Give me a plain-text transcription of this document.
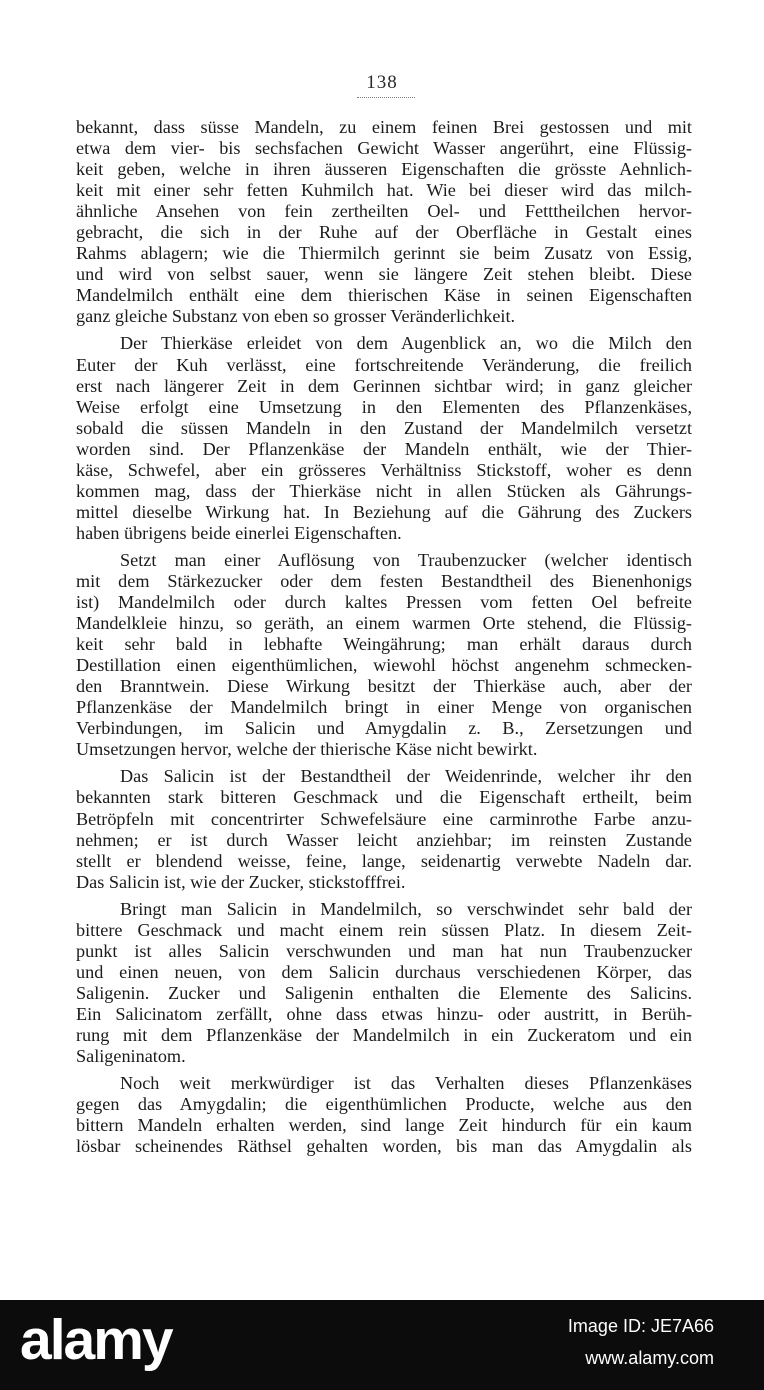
138
bekannt, dass süsse Mandeln, zu einem feinen Brei gestossen und mit
etwa dem vier- bis sechsfachen Gewicht Wasser angerührt, eine Flüssig-
keit geben, welche in ihren äusseren Eigenschaften die grösste Aehnlich-
keit mit einer sehr fetten Kuhmilch hat. Wie bei dieser wird das milch-
ähnliche Ansehen von fein zertheilten Oel- und Fetttheilchen hervor-
gebracht, die sich in der Ruhe auf der Oberfläche in Gestalt eines
Rahms ablagern; wie die Thiermilch gerinnt sie beim Zusatz von Essig,
und wird von selbst sauer, wenn sie längere Zeit stehen bleibt. Diese
Mandelmilch enthält eine dem thierischen Käse in seinen Eigenschaften
ganz gleiche Substanz von eben so grosser Veränderlichkeit.
Der Thierkäse erleidet von dem Augenblick an, wo die Milch den
Euter der Kuh verlässt, eine fortschreitende Veränderung, die freilich
erst nach längerer Zeit in dem Gerinnen sichtbar wird; in ganz gleicher
Weise erfolgt eine Umsetzung in den Elementen des Pflanzenkäses,
sobald die süssen Mandeln in den Zustand der Mandelmilch versetzt
worden sind. Der Pflanzenkäse der Mandeln enthält, wie der Thier-
käse, Schwefel, aber ein grösseres Verhältniss Stickstoff, woher es denn
kommen mag, dass der Thierkäse nicht in allen Stücken als Gährungs-
mittel dieselbe Wirkung hat. In Beziehung auf die Gährung des Zuckers
haben übrigens beide einerlei Eigenschaften.
Setzt man einer Auflösung von Traubenzucker (welcher identisch
mit dem Stärkezucker oder dem festen Bestandtheil des Bienenhonigs
ist) Mandelmilch oder durch kaltes Pressen vom fetten Oel befreite
Mandelkleie hinzu, so geräth, an einem warmen Orte stehend, die Flüssig-
keit sehr bald in lebhafte Weingährung; man erhält daraus durch
Destillation einen eigenthümlichen, wiewohl höchst angenehm schmecken-
den Branntwein. Diese Wirkung besitzt der Thierkäse auch, aber der
Pflanzenkäse der Mandelmilch bringt in einer Menge von organischen
Verbindungen, im Salicin und Amygdalin z. B., Zersetzungen und
Umsetzungen hervor, welche der thierische Käse nicht bewirkt.
Das Salicin ist der Bestandtheil der Weidenrinde, welcher ihr den
bekannten stark bitteren Geschmack und die Eigenschaft ertheilt, beim
Betröpfeln mit concentrirter Schwefelsäure eine carminrothe Farbe anzu-
nehmen; er ist durch Wasser leicht anziehbar; im reinsten Zustande
stellt er blendend weisse, feine, lange, seidenartig verwebte Nadeln dar.
Das Salicin ist, wie der Zucker, stickstofffrei.
Bringt man Salicin in Mandelmilch, so verschwindet sehr bald der
bittere Geschmack und macht einem rein süssen Platz. In diesem Zeit-
punkt ist alles Salicin verschwunden und man hat nun Traubenzucker
und einen neuen, von dem Salicin durchaus verschiedenen Körper, das
Saligenin. Zucker und Saligenin enthalten die Elemente des Salicins.
Ein Salicinatom zerfällt, ohne dass etwas hinzu- oder austritt, in Berüh-
rung mit dem Pflanzenkäse der Mandelmilch in ein Zuckeratom und ein
Saligeninatom.
Noch weit merkwürdiger ist das Verhalten dieses Pflanzenkäses
gegen das Amygdalin; die eigenthümlichen Producte, welche aus den
bittern Mandeln erhalten werden, sind lange Zeit hindurch für ein kaum
lösbar scheinendes Räthsel gehalten worden, bis man das Amygdalin als
alamy	Image ID: JE7A66
www.alamy.com
